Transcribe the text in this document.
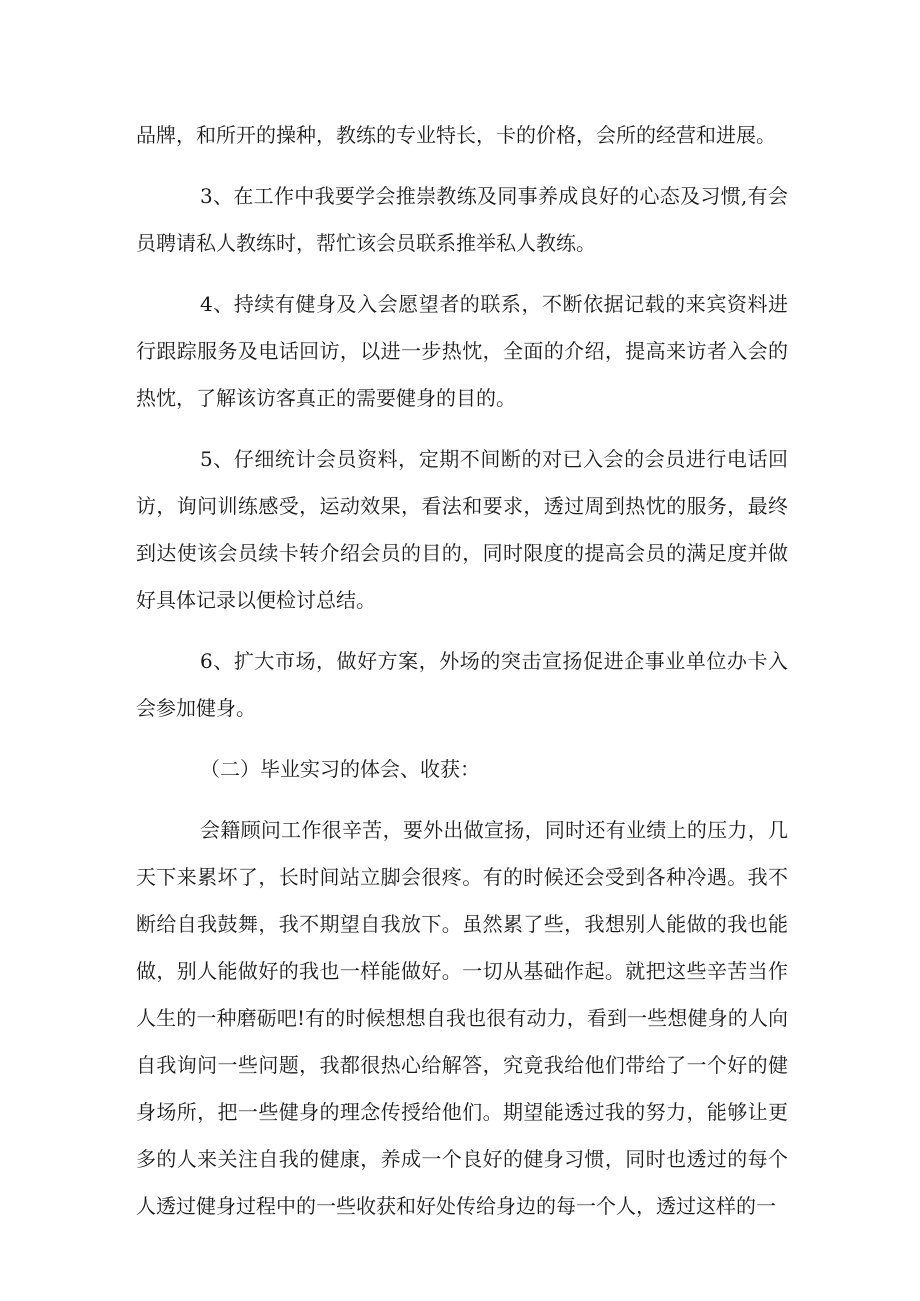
品牌，和所开的操种，教练的专业特长，卡的价格，会所的经营和进展。

3、在工作中我要学会推崇教练及同事养成良好的心态及习惯,有会员聘请私人教练时，帮忙该会员联系推举私人教练。

4、持续有健身及入会愿望者的联系，不断依据记载的来宾资料进行跟踪服务及电话回访，以进一步热忱，全面的介绍，提高来访者入会的热忱，了解该访客真正的需要健身的目的。

5、仔细统计会员资料，定期不间断的对已入会的会员进行电话回访，询问训练感受，运动效果，看法和要求，透过周到热忱的服务，最终到达使该会员续卡转介绍会员的目的，同时限度的提高会员的满足度并做好具体记录以便检讨总结。

6、扩大市场，做好方案，外场的突击宣扬促进企事业单位办卡入会参加健身。

（二）毕业实习的体会、收获：

会籍顾问工作很辛苦，要外出做宣扬，同时还有业绩上的压力，几天下来累坏了，长时间站立脚会很疼。有的时候还会受到各种冷遇。我不断给自我鼓舞，我不期望自我放下。虽然累了些，我想别人能做的我也能做，别人能做好的我也一样能做好。一切从基础作起。就把这些辛苦当作人生的一种磨砺吧!有的时候想想自我也很有动力，看到一些想健身的人向自我询问一些问题，我都很热心给解答，究竟我给他们带给了一个好的健身场所，把一些健身的理念传授给他们。期望能透过我的努力，能够让更多的人来关注自我的健康，养成一个良好的健身习惯，同时也透过的每个人透过健身过程中的一些收获和好处传给身边的每一个人，透过这样的一
